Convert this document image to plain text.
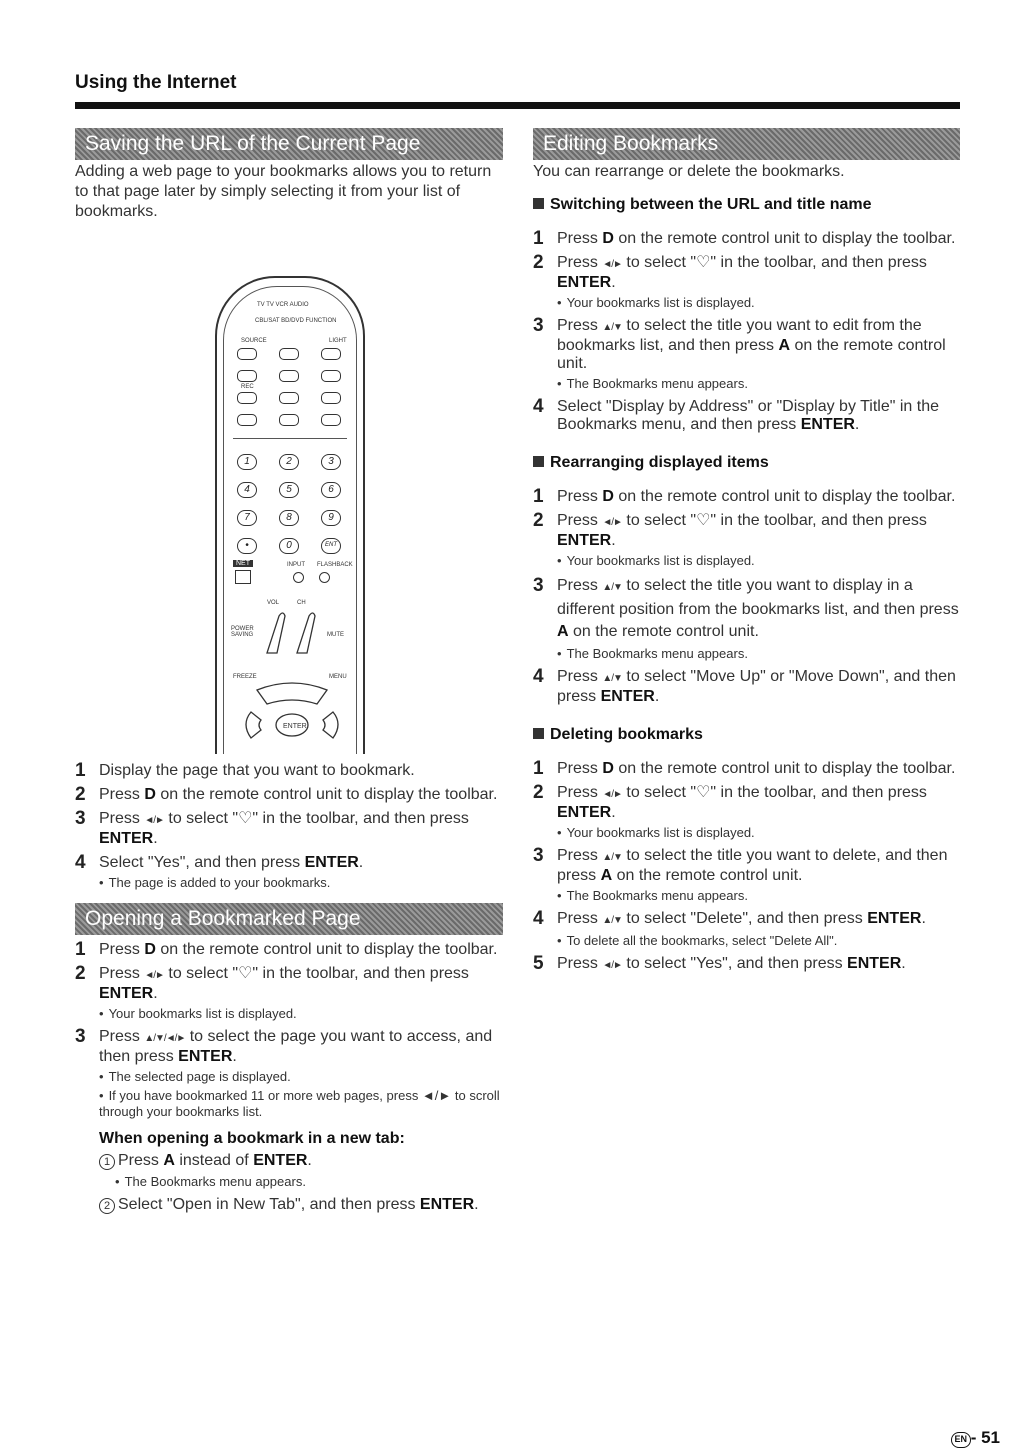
Using the Internet
Saving the URL of the Current Page

Adding a web page to your bookmarks allows you to return to that page later by simply selecting it from your list of bookmarks.

TV TV VCR AUDIO
CBL/SAT BD/DVD FUNCTION
SOURCE	LIGHT
REC
1	2	3
4	5	6
7	8	9
•	0	ENT
NET	INPUT FLASHBACK
VOL	CH
POWER SAVING	MUTE
FREEZE	MENU
ENTER
1 Display the page that you want to bookmark.
2 Press D on the remote control unit to display the toolbar.
3 Press ◄/► to select "♡" in the toolbar, and then press ENTER.
4 Select "Yes", and then press ENTER.
• The page is added to your bookmarks.
Opening a Bookmarked Page
1 Press D on the remote control unit to display the toolbar.
2 Press ◄/► to select "♡" in the toolbar, and then press ENTER.
• Your bookmarks list is displayed.
3 Press ▲/▼/◄/► to select the page you want to access, and then press ENTER.
• The selected page is displayed.
• If you have bookmarked 11 or more web pages, press ◄/► to scroll through your bookmarks list.
When opening a bookmark in a new tab:
1 Press A instead of ENTER.
• The Bookmarks menu appears.
2 Select "Open in New Tab", and then press ENTER.
Editing Bookmarks

You can rearrange or delete the bookmarks.

Switching between the URL and title name
1 Press D on the remote control unit to display the toolbar.
2 Press ◄/► to select "♡" in the toolbar, and then press ENTER.
• Your bookmarks list is displayed.
3 Press ▲/▼ to select the title you want to edit from the bookmarks list, and then press A on the remote control unit.
• The Bookmarks menu appears.
4 Select "Display by Address" or "Display by Title" in the Bookmarks menu, and then press ENTER.
Rearranging displayed items
1 Press D on the remote control unit to display the toolbar.
2 Press ◄/► to select "♡" in the toolbar, and then press ENTER.
• Your bookmarks list is displayed.
3 Press ▲/▼ to select the title you want to display in a different position from the bookmarks list, and then press A on the remote control unit.
• The Bookmarks menu appears.
4 Press ▲/▼ to select "Move Up" or "Move Down", and then press ENTER.
Deleting bookmarks
1 Press D on the remote control unit to display the toolbar.
2 Press ◄/► to select "♡" in the toolbar, and then press ENTER.
• Your bookmarks list is displayed.
3 Press ▲/▼ to select the title you want to delete, and then press A on the remote control unit.
• The Bookmarks menu appears.
4 Press ▲/▼ to select "Delete", and then press ENTER.
• To delete all the bookmarks, select "Delete All".
5 Press ◄/► to select "Yes", and then press ENTER.
EN - 51
